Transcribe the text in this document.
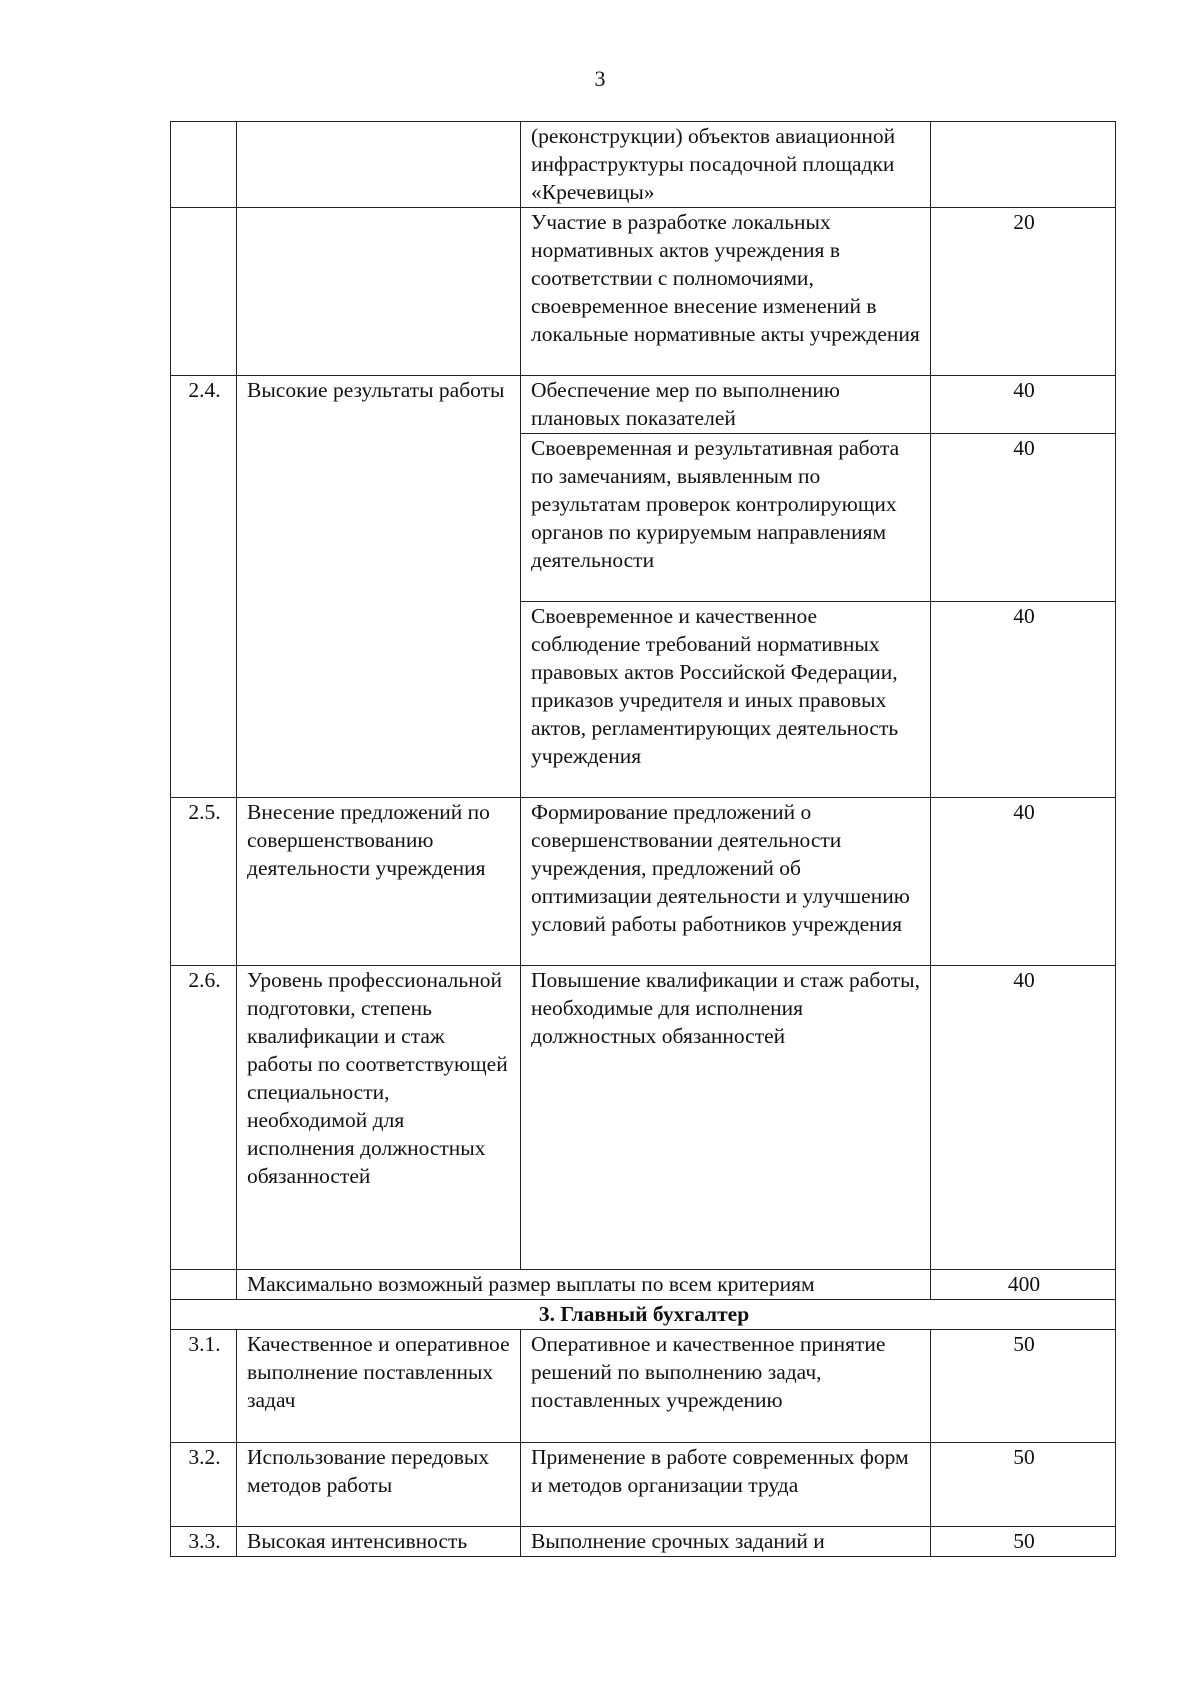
3
		(реконструкции) объектов авиационной инфраструктуры посадочной площадки «Кречевицы»	
		Участие в разработке локальных нормативных актов учреждения в соответствии с полномочиями, своевременное внесение изменений в локальные нормативные акты учреждения	20
2.4.	Высокие результаты работы	Обеспечение мер по выполнению плановых показателей	40
		Своевременная и результативная работа по замечаниям, выявленным по результатам проверок контролирующих органов по курируемым направлениям деятельности	40
		Своевременное и качественное соблюдение требований нормативных правовых актов Российской Федерации, приказов учредителя и иных правовых актов, регламентирующих деятельность учреждения	40
2.5.	Внесение предложений по совершенствованию деятельности учреждения	Формирование предложений о совершенствовании деятельности учреждения, предложений об оптимизации деятельности и улучшению условий работы работников учреждения	40
2.6.	Уровень профессиональной подготовки, степень квалификации и стаж работы по соответствующей специальности, необходимой для исполнения должностных обязанностей	Повышение квалификации и стаж работы, необходимые для исполнения должностных обязанностей	40
	Максимально возможный размер выплаты по всем критериям		400
3. Главный бухгалтер			
3.1.	Качественное и оперативное выполнение поставленных задач	Оперативное и качественное принятие решений по выполнению задач, поставленных учреждению	50
3.2.	Использование передовых методов работы	Применение в работе современных форм и методов организации труда	50
3.3.	Высокая интенсивность	Выполнение срочных заданий и	50
